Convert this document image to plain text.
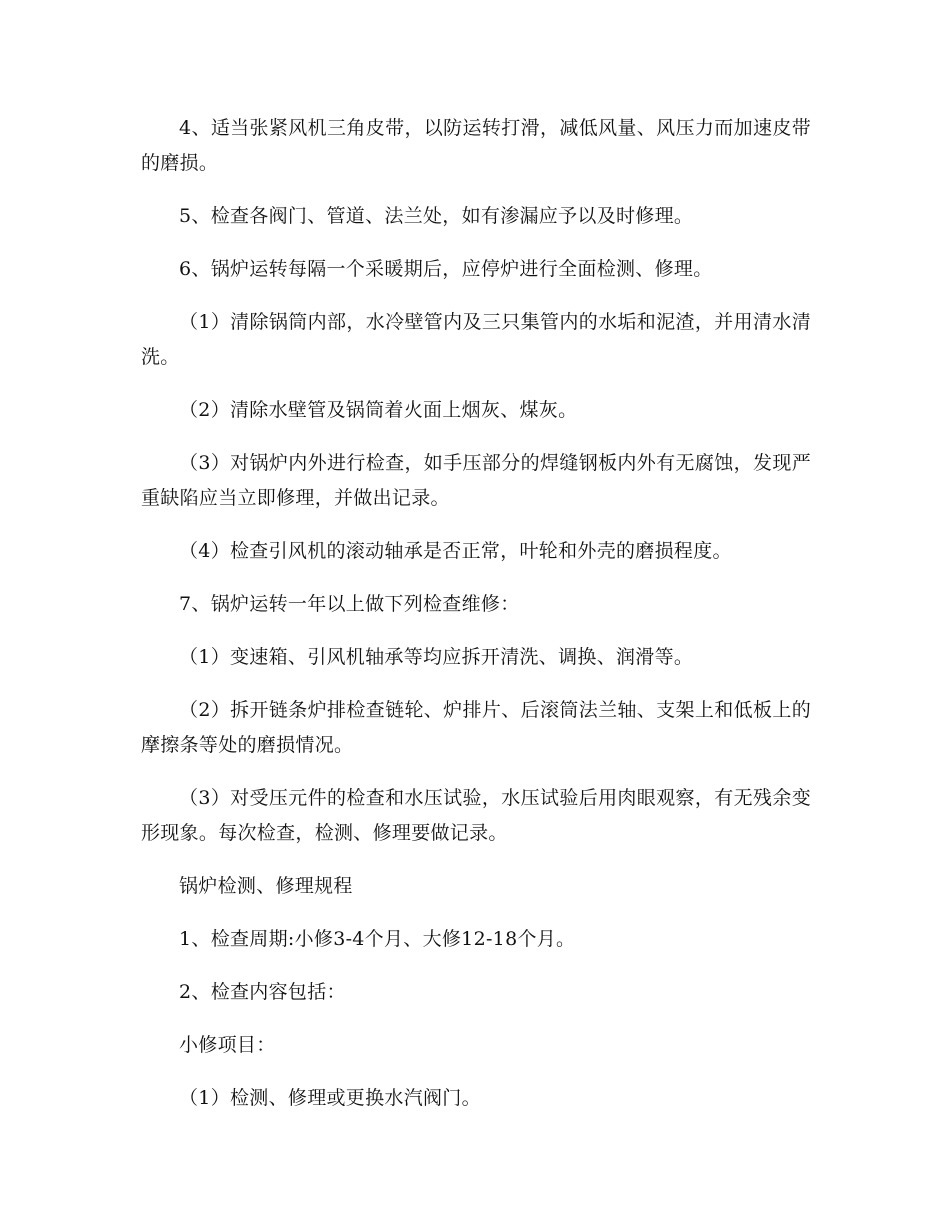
4、适当张紧风机三角皮带，以防运转打滑，减低风量、风压力而加速皮带的磨损。

5、检查各阀门、管道、法兰处，如有渗漏应予以及时修理。

6、锅炉运转每隔一个采暖期后，应停炉进行全面检测、修理。

（1）清除锅筒内部，水冷壁管内及三只集管内的水垢和泥渣，并用清水清洗。

（2）清除水壁管及锅筒着火面上烟灰、煤灰。

（3）对锅炉内外进行检查，如手压部分的焊缝钢板内外有无腐蚀，发现严重缺陷应当立即修理，并做出记录。

（4）检查引风机的滚动轴承是否正常，叶轮和外壳的磨损程度。

7、锅炉运转一年以上做下列检查维修：

（1）变速箱、引风机轴承等均应拆开清洗、调换、润滑等。

（2）拆开链条炉排检查链轮、炉排片、后滚筒法兰轴、支架上和低板上的摩擦条等处的磨损情况。

（3）对受压元件的检查和水压试验，水压试验后用肉眼观察，有无残余变形现象。每次检查，检测、修理要做记录。

锅炉检测、修理规程

1、检查周期:小修3-4个月、大修12-18个月。

2、检查内容包括：

小修项目：

（1）检测、修理或更换水汽阀门。
